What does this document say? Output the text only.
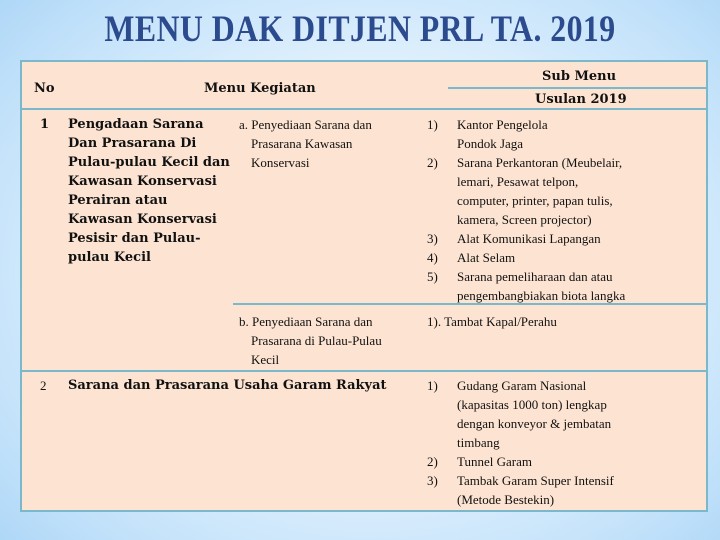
MENU DAK DITJEN PRL TA. 2019
No	Menu Kegiatan
Sub Menu
Usulan 2019
1 Pengadaan Sarana
Dan Prasarana Di
Pulau-pulau Kecil dan
Kawasan Konservasi
Perairan atau
Kawasan Konservasi
Pesisir dan Pulau-
pulau Kecil
a. Penyediaan Sarana dan
Prasarana Kawasan
Konservasi
1) Kantor Pengelola
Pondok Jaga
2) Sarana Perkantoran (Meubelair,
lemari, Pesawat telpon,
computer, printer, papan tulis,
kamera, Screen projector)
3) Alat Komunikasi Lapangan
4) Alat Selam
5) Sarana pemeliharaan dan atau
pengembangbiakan biota langka
b. Penyediaan Sarana dan
Prasarana di Pulau-Pulau
Kecil
1). Tambat Kapal/Perahu
2 Sarana dan Prasarana Usaha Garam Rakyat	1) Gudang Garam Nasional
(kapasitas 1000 ton) lengkap
dengan konveyor & jembatan
timbang
2) Tunnel Garam
3) Tambak Garam Super Intensif
(Metode Bestekin)
